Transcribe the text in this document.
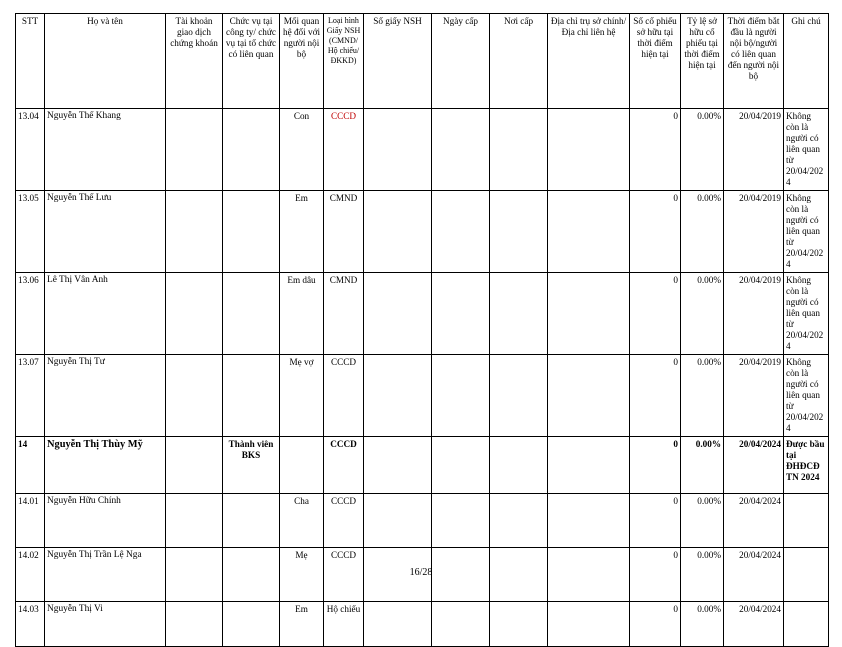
STT	Họ và tên	Tài khoản giao dịch chứng khoán	Chức vụ tại công ty/ chức vụ tại tổ chức có liên quan	Mối quan hệ đối với người nội bộ	Loại hình Giấy NSH (CMND/ Hộ chiếu/ ĐKKD)	Số giấy NSH	Ngày cấp	Nơi cấp	Địa chỉ trụ sở chính/Địa chỉ liên hệ	Số cổ phiếu sở hữu tại thời điểm hiện tại	Tỷ lệ sở hữu cổ phiếu tại thời điểm hiện tại	Thời điểm bắt đầu là người nội bộ/người có liên quan đến người nội bộ	Ghi chú
13.04	Nguyễn Thế Khang			Con	CCCD					0	0.00%	20/04/2019	Không còn là người có liên quan từ 20/04/2024
13.05	Nguyễn Thế Lưu			Em	CMND					0	0.00%	20/04/2019	Không còn là người có liên quan từ 20/04/2024
13.06	Lê Thị Vân Anh			Em dâu	CMND					0	0.00%	20/04/2019	Không còn là người có liên quan từ 20/04/2024
13.07	Nguyễn Thị Tư			Mẹ vợ	CCCD					0	0.00%	20/04/2019	Không còn là người có liên quan từ 20/04/2024
14	Nguyễn Thị Thùy Mỹ		Thành viên BKS		CCCD					0	0.00%	20/04/2024	Được bầu tại ĐHĐCĐ TN 2024
14.01	Nguyễn Hữu Chính			Cha	CCCD					0	0.00%	20/04/2024	
14.02	Nguyễn Thị Trần Lệ Nga			Mẹ	CCCD					0	0.00%	20/04/2024	
14.03	Nguyễn Thị Vi			Em	Hộ chiếu					0	0.00%	20/04/2024	
16/28
